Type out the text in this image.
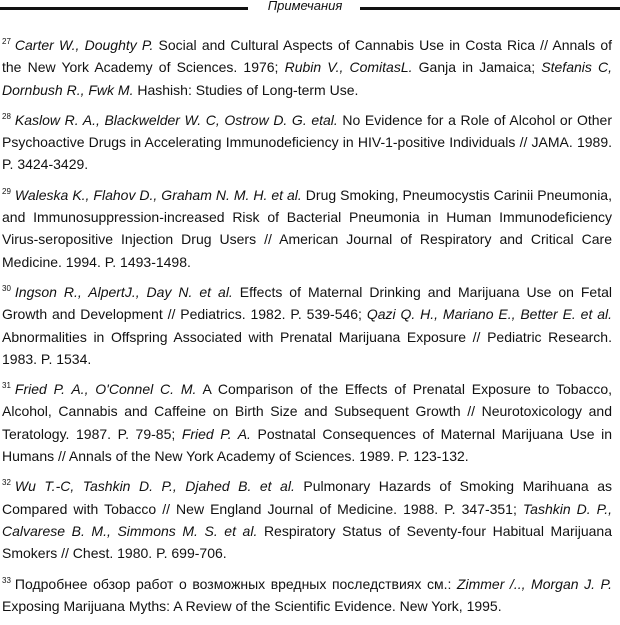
Примечания

$^{27}$ Carter W., Doughty P. Social and Cultural Aspects of Cannabis Use in Costa Rica // Annals of the New York Academy of Sciences. 1976; Rubin V., ComitasL. Ganja in Jamaica; Stefanis C, Dornbush R., Fwk M. Hashish: Studies of Long-term Use.

$^{28}$ Kaslow R. A., Blackwelder W. C, Ostrow D. G. etal. No Evidence for a Role of Alcohol or Other Psychoactive Drugs in Accelerating Immunodeficiency in HIV-1-positive Individuals // JAMA. 1989. P. 3424-3429.

$^{29}$ Waleska K., Flahov D., Graham N. M. H. et al. Drug Smoking, Pneumocystis Carinii Pneumonia, and Immunosuppression-increased Risk of Bacterial Pneumonia in Human Immunodeficiency Virus-seropositive Injection Drug Users // American Journal of Respiratory and Critical Care Medicine. 1994. P. 1493-1498.

$^{30}$ Ingson R., AlpertJ., Day N. et al. Effects of Maternal Drinking and Marijuana Use on Fetal Growth and Development // Pediatrics. 1982. P. 539-546; Qazi Q. H., Mariano E., Better E. et al. Abnormalities in Offspring Associated with Prenatal Marijuana Exposure // Pediatric Research. 1983. P. 1534.

$^{31}$ Fried P. A., O'Connel C. M. A Comparison of the Effects of Prenatal Exposure to Tobacco, Alcohol, Cannabis and Caffeine on Birth Size and Subsequent Growth // Neurotoxicology and Teratology. 1987. P. 79-85; Fried P. A. Postnatal Consequences of Maternal Marijuana Use in Humans // Annals of the New York Academy of Sciences. 1989. P. 123-132.

$^{32}$ Wu T.-C, Tashkin D. P., Djahed B. et al. Pulmonary Hazards of Smoking Marihuana as Compared with Tobacco // New England Journal of Medicine. 1988. P. 347-351; Tashkin D. P., Calvarese B. M., Simmons M. S. et al. Respiratory Status of Seventy-four Habitual Marijuana Smokers // Chest. 1980. P. 699-706.

$^{33}$ Подробнее обзор работ о возможных вредных последствиях см.: Zimmer /.., Morgan J. P. Exposing Marijuana Myths: A Review of the Scientific Evidence. New York, 1995.
